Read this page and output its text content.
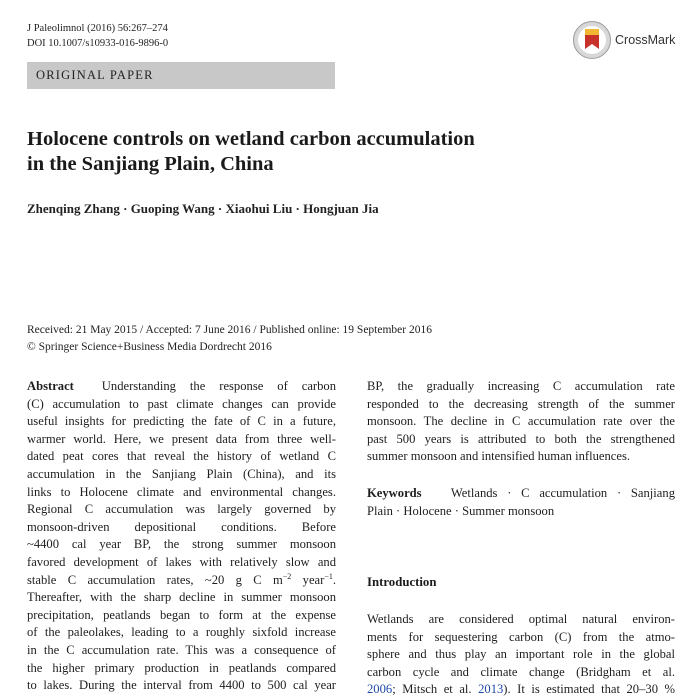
J Paleolimnol (2016) 56:267–274
DOI 10.1007/s10933-016-9896-0	CrossMark
ORIGINAL PAPER
Holocene controls on wetland carbon accumulation
in the Sanjiang Plain, China
Zhenqing Zhang · Guoping Wang · Xiaohui Liu · Hongjuan Jia
Received: 21 May 2015 / Accepted: 7 June 2016 / Published online: 19 September 2016
© Springer Science+Business Media Dordrecht 2016
Abstract Understanding the response of carbon
(C) accumulation to past climate changes can provide
useful insights for predicting the fate of C in a future,
warmer world. Here, we present data from three well-
dated peat cores that reveal the history of wetland C
accumulation in the Sanjiang Plain (China), and its
links to Holocene climate and environmental changes.
Regional C accumulation was largely governed by
monsoon-driven depositional conditions. Before
~4400 cal year BP, the strong summer monsoon
favored development of lakes with relatively slow and
stable C accumulation rates, ~20 g C $m^{-2}$ year$^{-1}$.
Thereafter, with the sharp decline in summer monsoon
precipitation, peatlands began to form at the expense
of the paleolakes, leading to a roughly sixfold increase
in the C accumulation rate. This was a consequence of
the higher primary production in peatlands compared
to lakes. During the interval from 4400 to 500 cal year
BP, the gradually increasing C accumulation rate
responded to the decreasing strength of the summer
monsoon. The decline in C accumulation rate over the
past 500 years is attributed to both the strengthened
summer monsoon and intensified human influences.
Keywords Wetlands · C accumulation · Sanjiang
Plain · Holocene · Summer monsoon
Introduction
Wetlands are considered optimal natural environ-
ments for sequestering carbon (C) from the atmo-
sphere and thus play an important role in the global
carbon cycle and climate change (Bridgham et al.
2006; Mitsch et al. 2013). It is estimated that 20–30 %
